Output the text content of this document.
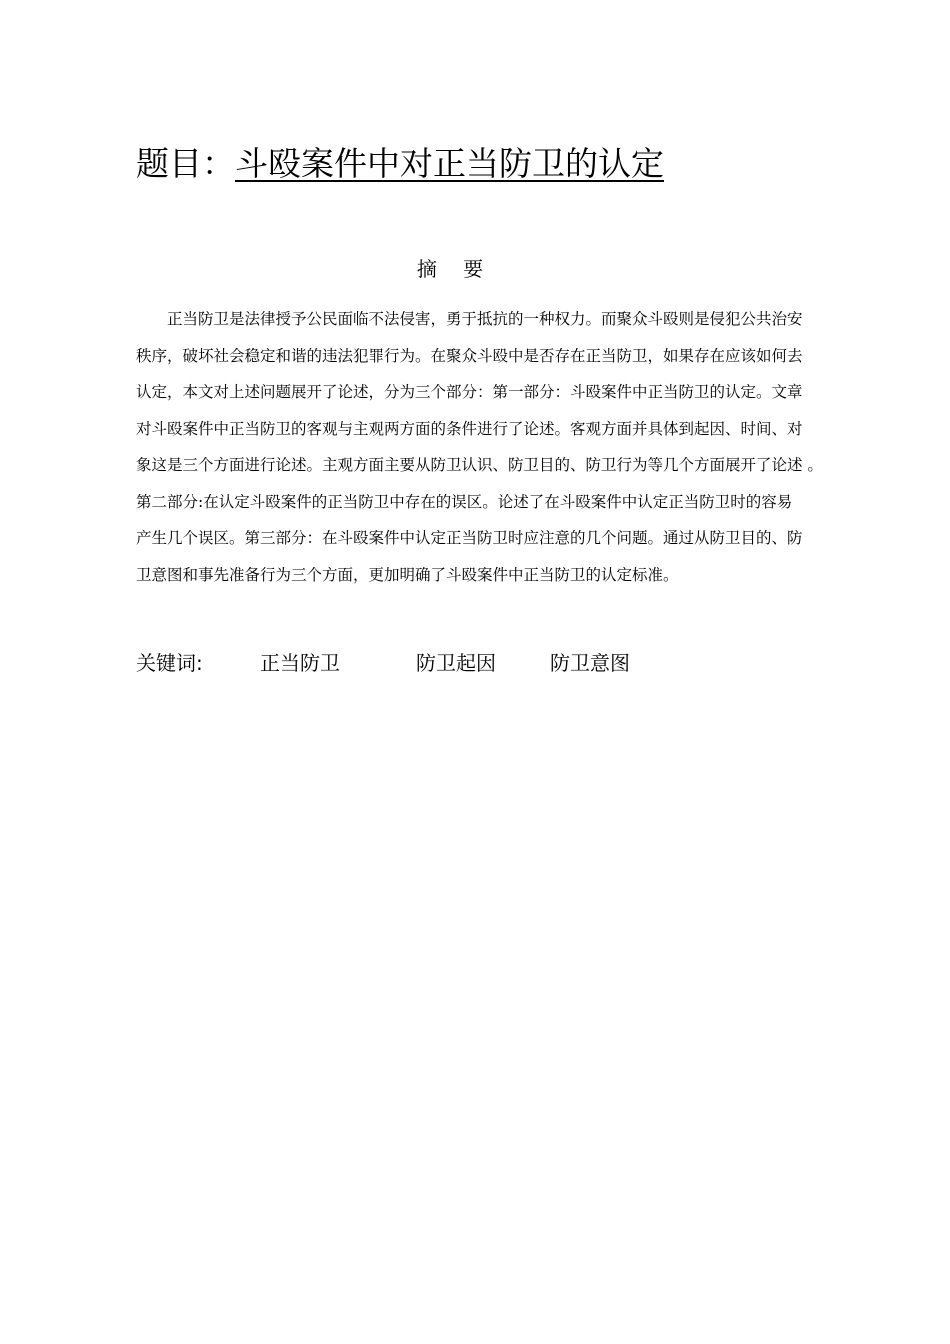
题目：斗殴案件中对正当防卫的认定
摘 要
　　正当防卫是法律授予公民面临不法侵害，勇于抵抗的一种权力。而聚众斗殴则是侵犯公共治安
秩序，破坏社会稳定和谐的违法犯罪行为。在聚众斗殴中是否存在正当防卫，如果存在应该如何去
认定，本文对上述问题展开了论述，分为三个部分：第一部分：斗殴案件中正当防卫的认定。文章
对斗殴案件中正当防卫的客观与主观两方面的条件进行了论述。客观方面并具体到起因、时间、对
象这是三个方面进行论述。主观方面主要从防卫认识、防卫目的、防卫行为等几个方面展开了论述 。
第二部分:在认定斗殴案件的正当防卫中存在的误区。论述了在斗殴案件中认定正当防卫时的容易
产生几个误区。第三部分：在斗殴案件中认定正当防卫时应注意的几个问题。通过从防卫目的、防
卫意图和事先准备行为三个方面，更加明确了斗殴案件中正当防卫的认定标准。
关键词:	正当防卫	防卫起因	防卫意图
